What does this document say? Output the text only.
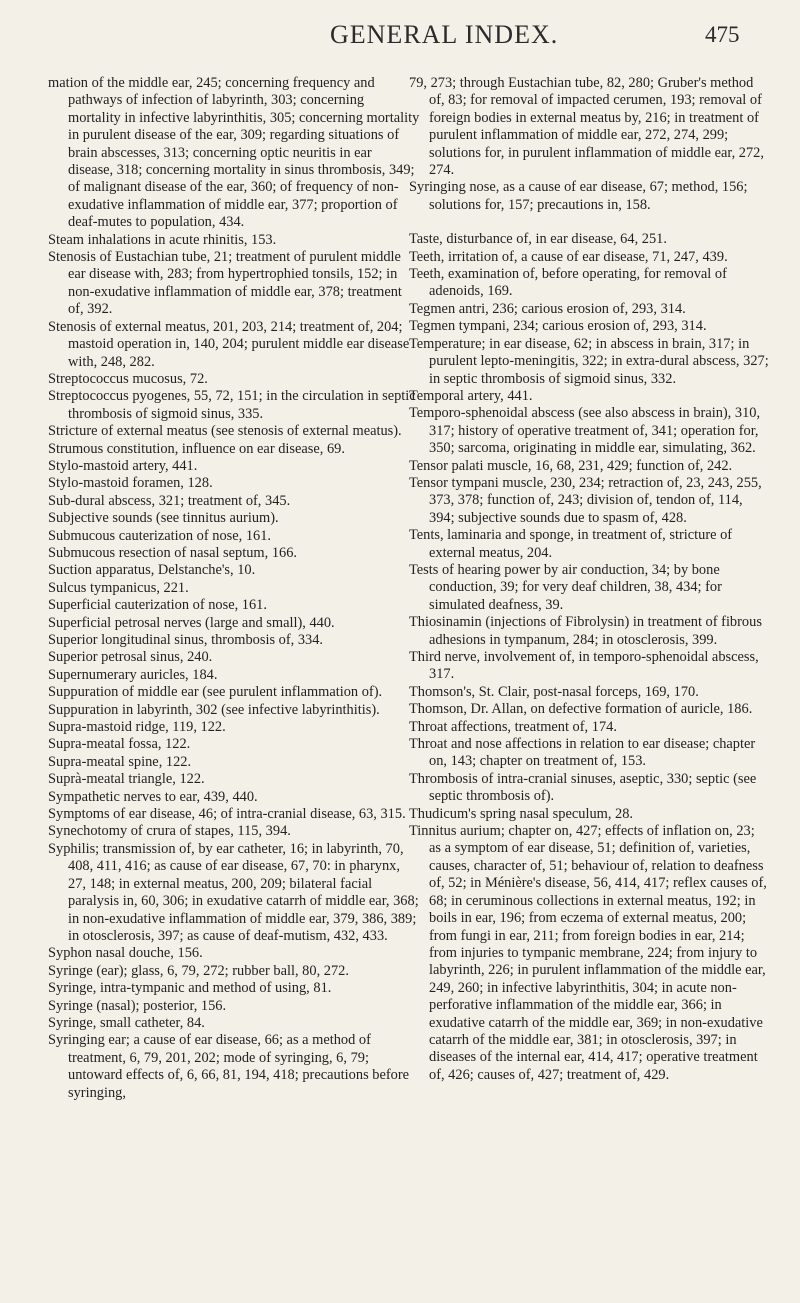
GENERAL INDEX.	475

mation of the middle ear, 245; concerning frequency and pathways of infection of labyrinth, 303; concerning mortality in infective labyrinthitis, 305; concerning mortality in purulent disease of the ear, 309; regarding situations of brain abscesses, 313; concerning optic neuritis in ear disease, 318; concerning mortality in sinus thrombosis, 349; of malignant disease of the ear, 360; of frequency of non-exudative inflammation of middle ear, 377; proportion of deaf-mutes to population, 434.

Steam inhalations in acute rhinitis, 153.

Stenosis of Eustachian tube, 21; treatment of purulent middle ear disease with, 283; from hypertrophied tonsils, 152; in non-exudative inflammation of middle ear, 378; treatment of, 392.

Stenosis of external meatus, 201, 203, 214; treatment of, 204; mastoid operation in, 140, 204; purulent middle ear disease with, 248, 282.

Streptococcus mucosus, 72.

Streptococcus pyogenes, 55, 72, 151; in the circulation in septic thrombosis of sigmoid sinus, 335.

Stricture of external meatus (see stenosis of external meatus).

Strumous constitution, influence on ear disease, 69.

Stylo-mastoid artery, 441.

Stylo-mastoid foramen, 128.

Sub-dural abscess, 321; treatment of, 345.

Subjective sounds (see tinnitus aurium).

Submucous cauterization of nose, 161.

Submucous resection of nasal septum, 166.

Suction apparatus, Delstanche's, 10.

Sulcus tympanicus, 221.

Superficial cauterization of nose, 161.

Superficial petrosal nerves (large and small), 440.

Superior longitudinal sinus, thrombosis of, 334.

Superior petrosal sinus, 240.

Supernumerary auricles, 184.

Suppuration of middle ear (see purulent inflammation of).

Suppuration in labyrinth, 302 (see infective labyrinthitis).

Supra-mastoid ridge, 119, 122.

Supra-meatal fossa, 122.

Supra-meatal spine, 122.

Suprà-meatal triangle, 122.

Sympathetic nerves to ear, 439, 440.

Symptoms of ear disease, 46; of intra-cranial disease, 63, 315.

Synechotomy of crura of stapes, 115, 394.

Syphilis; transmission of, by ear catheter, 16; in labyrinth, 70, 408, 411, 416; as cause of ear disease, 67, 70: in pharynx, 27, 148; in external meatus, 200, 209; bilateral facial paralysis in, 60, 306; in exudative catarrh of middle ear, 368; in non-exudative inflammation of middle ear, 379, 386, 389; in otosclerosis, 397; as cause of deaf-mutism, 432, 433.

Syphon nasal douche, 156.

Syringe (ear); glass, 6, 79, 272; rubber ball, 80, 272.

Syringe, intra-tympanic and method of using, 81.

Syringe (nasal); posterior, 156.

Syringe, small catheter, 84.

Syringing ear; a cause of ear disease, 66; as a method of treatment, 6, 79, 201, 202; mode of syringing, 6, 79; untoward effects of, 6, 66, 81, 194, 418; precautions before syringing,

79, 273; through Eustachian tube, 82, 280; Gruber's method of, 83; for removal of impacted cerumen, 193; removal of foreign bodies in external meatus by, 216; in treatment of purulent inflammation of middle ear, 272, 274, 299; solutions for, in purulent inflammation of middle ear, 272, 274.

Syringing nose, as a cause of ear disease, 67; method, 156; solutions for, 157; precautions in, 158.

Taste, disturbance of, in ear disease, 64, 251.

Teeth, irritation of, a cause of ear disease, 71, 247, 439.

Teeth, examination of, before operating, for removal of adenoids, 169.

Tegmen antri, 236; carious erosion of, 293, 314.

Tegmen tympani, 234; carious erosion of, 293, 314.

Temperature; in ear disease, 62; in abscess in brain, 317; in purulent lepto-meningitis, 322; in extra-dural abscess, 327; in septic thrombosis of sigmoid sinus, 332.

Temporal artery, 441.

Temporo-sphenoidal abscess (see also abscess in brain), 310, 317; history of operative treatment of, 341; operation for, 350; sarcoma, originating in middle ear, simulating, 362.

Tensor palati muscle, 16, 68, 231, 429; function of, 242.

Tensor tympani muscle, 230, 234; retraction of, 23, 243, 255, 373, 378; function of, 243; division of, tendon of, 114, 394; subjective sounds due to spasm of, 428.

Tents, laminaria and sponge, in treatment of, stricture of external meatus, 204.

Tests of hearing power by air conduction, 34; by bone conduction, 39; for very deaf children, 38, 434; for simulated deafness, 39.

Thiosinamin (injections of Fibrolysin) in treatment of fibrous adhesions in tympanum, 284; in otosclerosis, 399.

Third nerve, involvement of, in temporo-sphenoidal abscess, 317.

Thomson's, St. Clair, post-nasal forceps, 169, 170.

Thomson, Dr. Allan, on defective formation of auricle, 186.

Throat affections, treatment of, 174.

Throat and nose affections in relation to ear disease; chapter on, 143; chapter on treatment of, 153.

Thrombosis of intra-cranial sinuses, aseptic, 330; septic (see septic thrombosis of).

Thudicum's spring nasal speculum, 28.

Tinnitus aurium; chapter on, 427; effects of inflation on, 23; as a symptom of ear disease, 51; definition of, varieties, causes, character of, 51; behaviour of, relation to deafness of, 52; in Ménière's disease, 56, 414, 417; reflex causes of, 68; in ceruminous collections in external meatus, 192; in boils in ear, 196; from eczema of external meatus, 200; from fungi in ear, 211; from foreign bodies in ear, 214; from injuries to tympanic membrane, 224; from injury to labyrinth, 226; in purulent inflammation of the middle ear, 249, 260; in infective labyrinthitis, 304; in acute non-perforative inflammation of the middle ear, 366; in exudative catarrh of the middle ear, 369; in non-exudative catarrh of the middle ear, 381; in otosclerosis, 397; in diseases of the internal ear, 414, 417; operative treatment of, 426; causes of, 427; treatment of, 429.
